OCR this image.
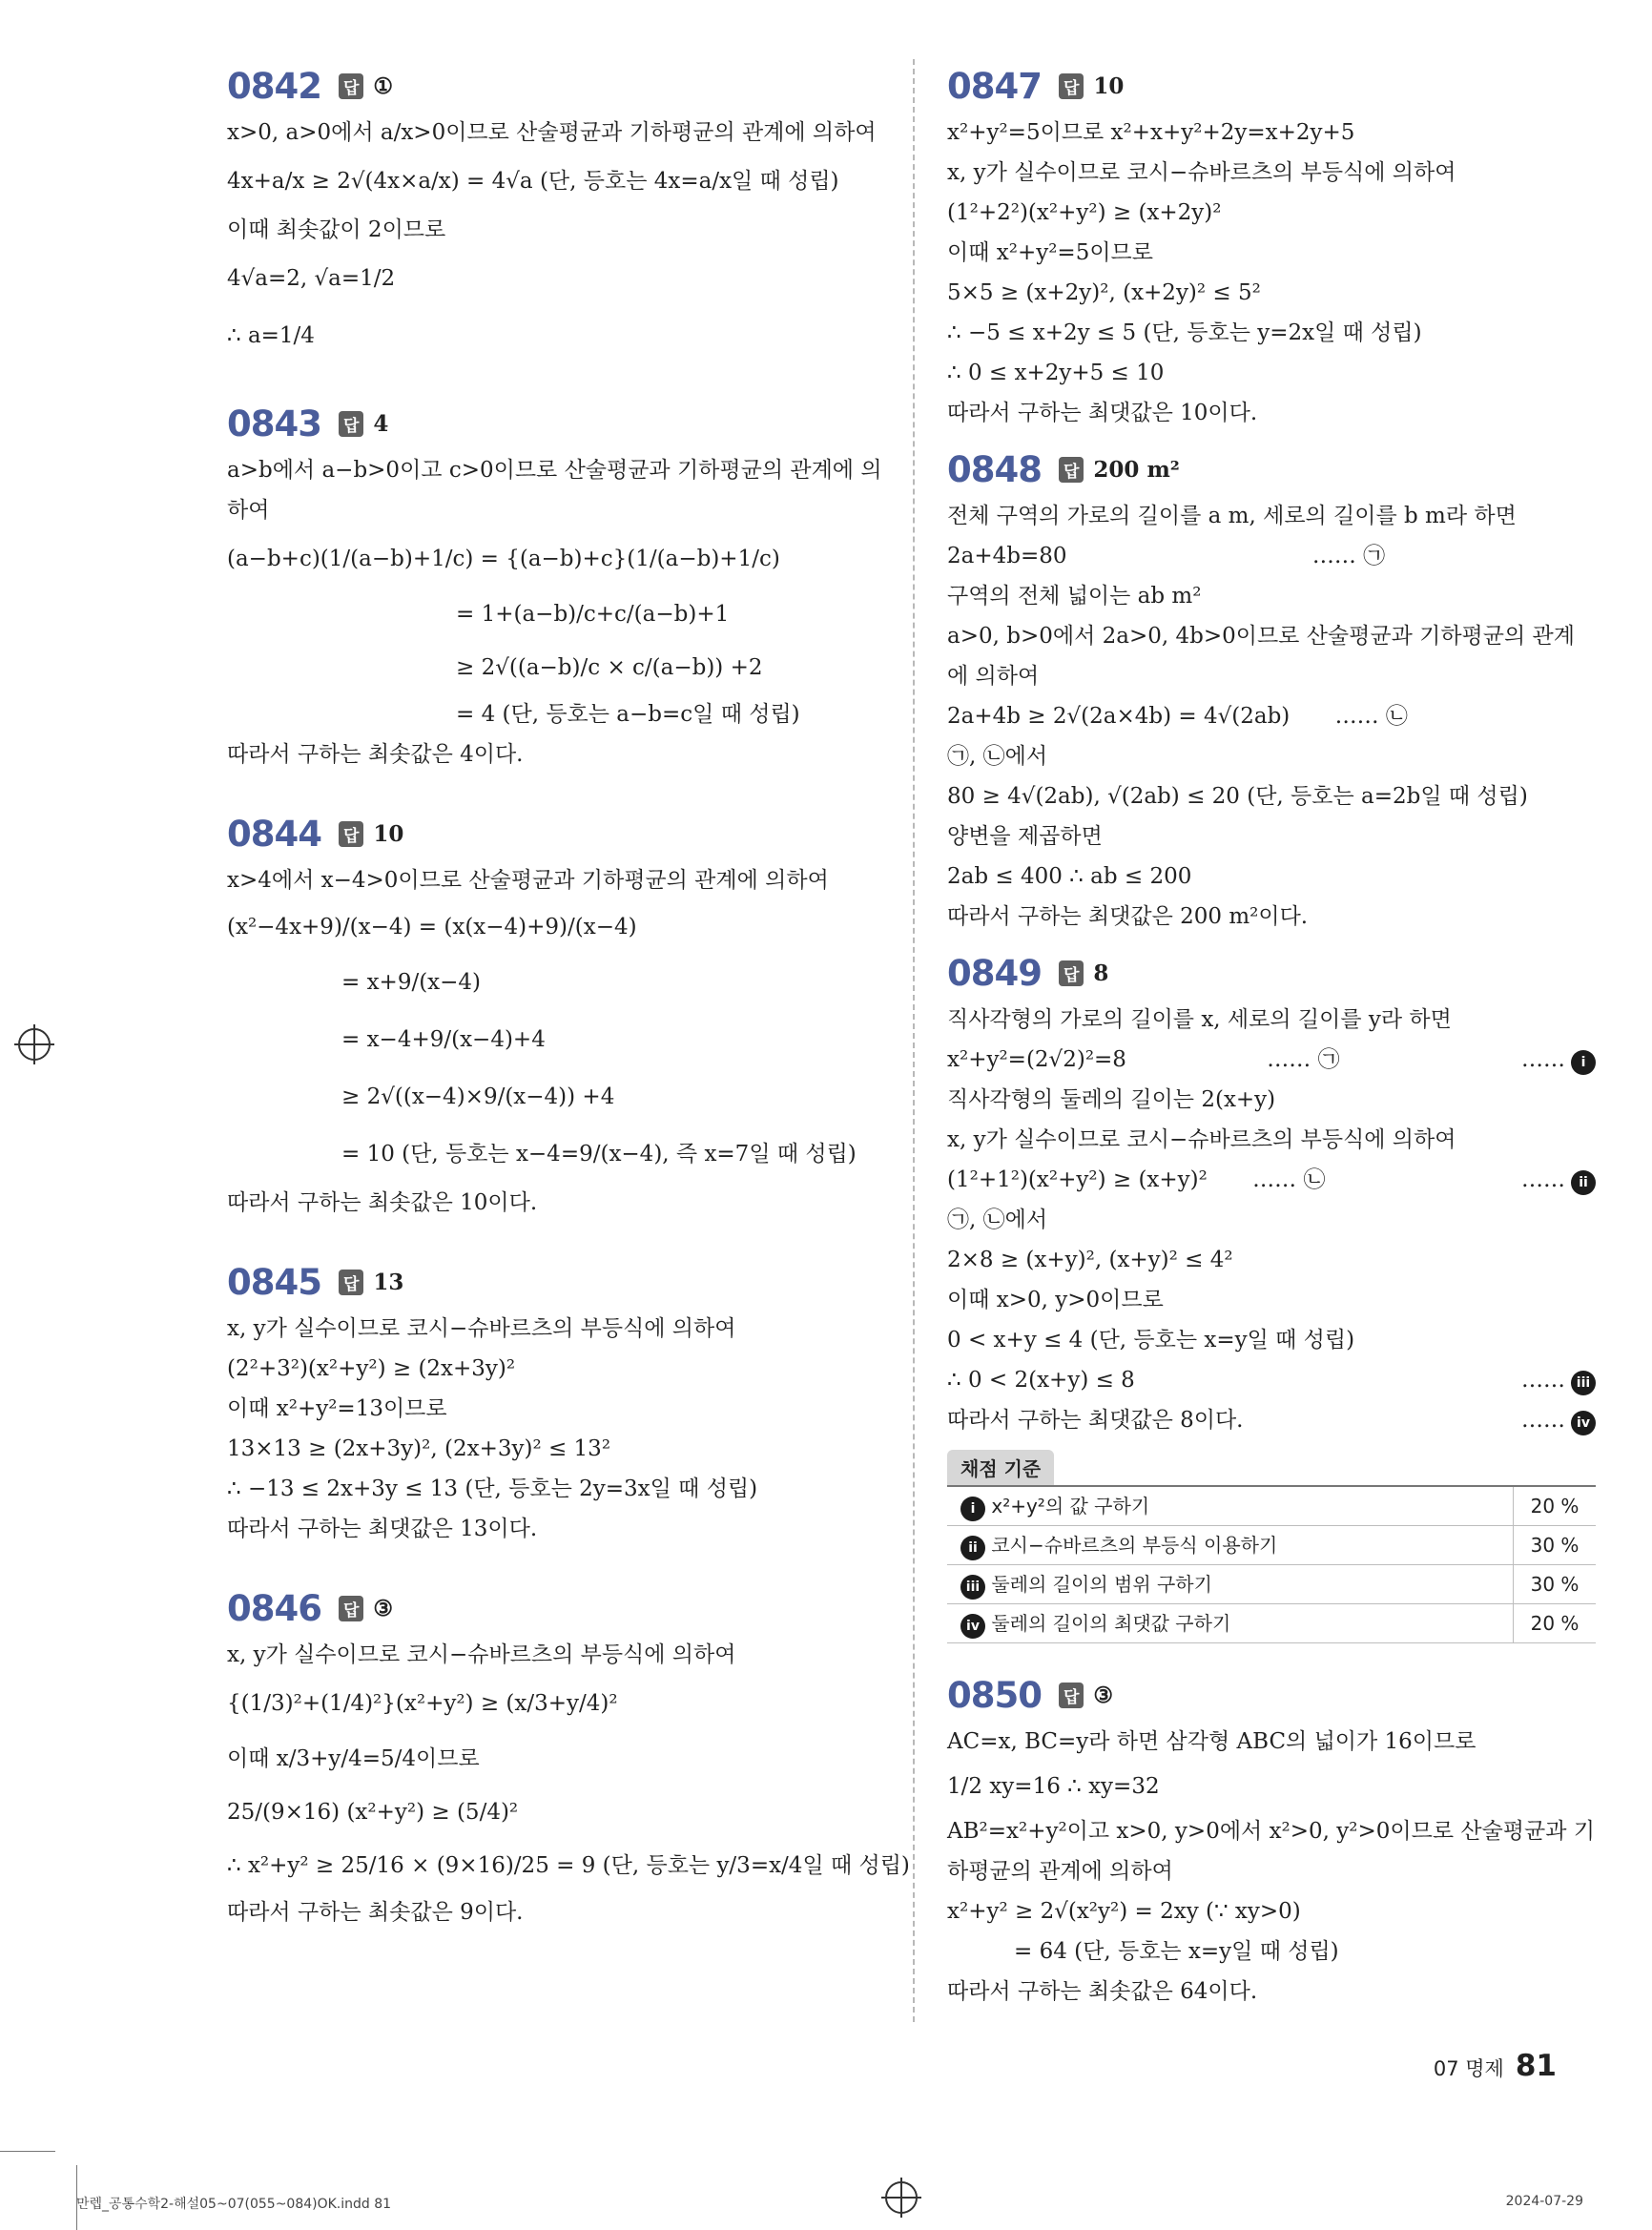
0842 답 ①
x>0, a>0에서 a/x>0이므로 산술평균과 기하평균의 관계에 의하여
4x+a/x ≥ 2√(4x×a/x) = 4√a (단, 등호는 4x=a/x일 때 성립)
이때 최솟값이 2이므로
4√a=2, √a=1/2
∴ a=1/4
0843 답 4
a>b에서 a−b>0이고 c>0이므로 산술평균과 기하평균의 관계에 의하여
(a−b+c)(1/(a−b)+1/c) = {(a−b)+c}(1/(a−b)+1/c)
= 1+(a−b)/c+c/(a−b)+1
≥ 2√((a−b)/c × c/(a−b)) +2
= 4 (단, 등호는 a−b=c일 때 성립)
따라서 구하는 최솟값은 4이다.
0844 답 10
x>4에서 x−4>0이므로 산술평균과 기하평균의 관계에 의하여
(x²−4x+9)/(x−4) = (x(x−4)+9)/(x−4)
= x+9/(x−4)
= x−4+9/(x−4)+4
≥ 2√((x−4)×9/(x−4)) +4
= 10 (단, 등호는 x−4=9/(x−4), 즉 x=7일 때 성립)
따라서 구하는 최솟값은 10이다.
0845 답 13
x, y가 실수이므로 코시−슈바르츠의 부등식에 의하여
(2²+3²)(x²+y²) ≥ (2x+3y)²
이때 x²+y²=13이므로
13×13 ≥ (2x+3y)², (2x+3y)² ≤ 13²
∴ −13 ≤ 2x+3y ≤ 13 (단, 등호는 2y=3x일 때 성립)
따라서 구하는 최댓값은 13이다.
0846 답 ③
x, y가 실수이므로 코시−슈바르츠의 부등식에 의하여
{(1/3)²+(1/4)²}(x²+y²) ≥ (x/3+y/4)²
이때 x/3+y/4=5/4이므로
25/(9×16) (x²+y²) ≥ (5/4)²
∴ x²+y² ≥ 25/16 × (9×16)/25 = 9 (단, 등호는 y/3=x/4일 때 성립)
따라서 구하는 최솟값은 9이다.
0847 답 10
x²+y²=5이므로 x²+x+y²+2y=x+2y+5
x, y가 실수이므로 코시−슈바르츠의 부등식에 의하여
(1²+2²)(x²+y²) ≥ (x+2y)²
이때 x²+y²=5이므로
5×5 ≥ (x+2y)², (x+2y)² ≤ 5²
∴ −5 ≤ x+2y ≤ 5 (단, 등호는 y=2x일 때 성립)
∴ 0 ≤ x+2y+5 ≤ 10
따라서 구하는 최댓값은 10이다.
0848 답 200 m²
전체 구역의 가로의 길이를 a m, 세로의 길이를 b m라 하면
2a+4b=80	…… ㉠
구역의 전체 넓이는 ab m²
a>0, b>0에서 2a>0, 4b>0이므로 산술평균과 기하평균의 관계에 의하여
2a+4b ≥ 2√(2a×4b) = 4√(2ab) …… ㉡
㉠, ㉡에서
80 ≥ 4√(2ab), √(2ab) ≤ 20 (단, 등호는 a=2b일 때 성립)
양변을 제곱하면
2ab ≤ 400 ∴ ab ≤ 200
따라서 구하는 최댓값은 200 m²이다.
0849 답 8
직사각형의 가로의 길이를 x, 세로의 길이를 y라 하면
x²+y²=(2√2)²=8	…… ㉠	…… i
직사각형의 둘레의 길이는 2(x+y)
x, y가 실수이므로 코시−슈바르츠의 부등식에 의하여
(1²+1²)(x²+y²) ≥ (x+y)² …… ㉡	…… ii
㉠, ㉡에서
2×8 ≥ (x+y)², (x+y)² ≤ 4²
이때 x>0, y>0이므로
0 < x+y ≤ 4 (단, 등호는 x=y일 때 성립)
∴ 0 < 2(x+y) ≤ 8	…… iii
따라서 구하는 최댓값은 8이다.	…… iv
채점 기준
i x²+y²의 값 구하기	20 %
ii 코시−슈바르츠의 부등식 이용하기	30 %
iii 둘레의 길이의 범위 구하기	30 %
iv 둘레의 길이의 최댓값 구하기	20 %
0850 답 ③
AC=x, BC=y라 하면 삼각형 ABC의 넓이가 16이므로
1/2 xy=16 ∴ xy=32
AB²=x²+y²이고 x>0, y>0에서 x²>0, y²>0이므로 산술평균과 기하평균의 관계에 의하여
x²+y² ≥ 2√(x²y²) = 2xy (∵ xy>0)
= 64 (단, 등호는 x=y일 때 성립)
따라서 구하는 최솟값은 64이다.
07 명제 81
만렙_공통수학2-해설05~07(055~084)OK.indd 81	2024-07-29
